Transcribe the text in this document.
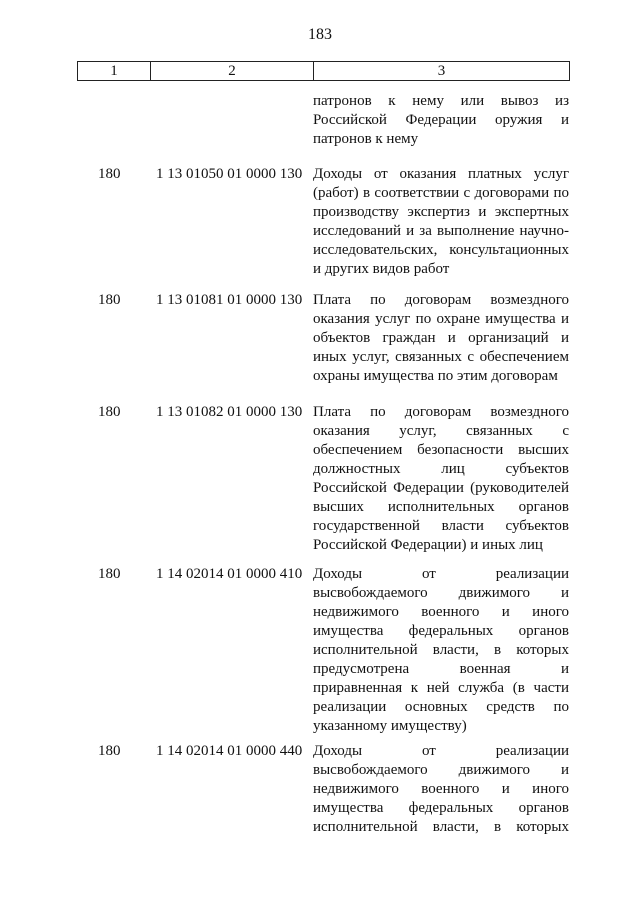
183
1	2	3
патронов к нему или вывоз из
Российской Федерации оружия и
патронов к нему
180	1 13 01050 01 0000 130 Доходы от оказания платных услуг
(работ) в соответствии с договорами по
производству экспертиз и экспертных
исследований и за выполнение научно-
исследовательских, консультационных
и других видов работ
180	1 13 01081 01 0000 130 Плата по договорам возмездного
оказания услуг по охране имущества и
объектов граждан и организаций и
иных услуг, связанных с обеспечением
охраны имущества по этим договорам
180	1 13 01082 01 0000 130 Плата по договорам возмездного
оказания услуг, связанных с
обеспечением безопасности высших
должностных лиц субъектов
Российской Федерации (руководителей
высших исполнительных органов
государственной власти субъектов
Российской Федерации) и иных лиц
180	1 14 02014 01 0000 410 Доходы от реализации
высвобождаемого движимого и
недвижимого военного и иного
имущества федеральных органов
исполнительной власти, в которых
предусмотрена военная и
приравненная к ней служба (в части
реализации основных средств по
указанному имуществу)
180	1 14 02014 01 0000 440 Доходы от реализации
высвобождаемого движимого и
недвижимого военного и иного
имущества федеральных органов
исполнительной власти, в которых
